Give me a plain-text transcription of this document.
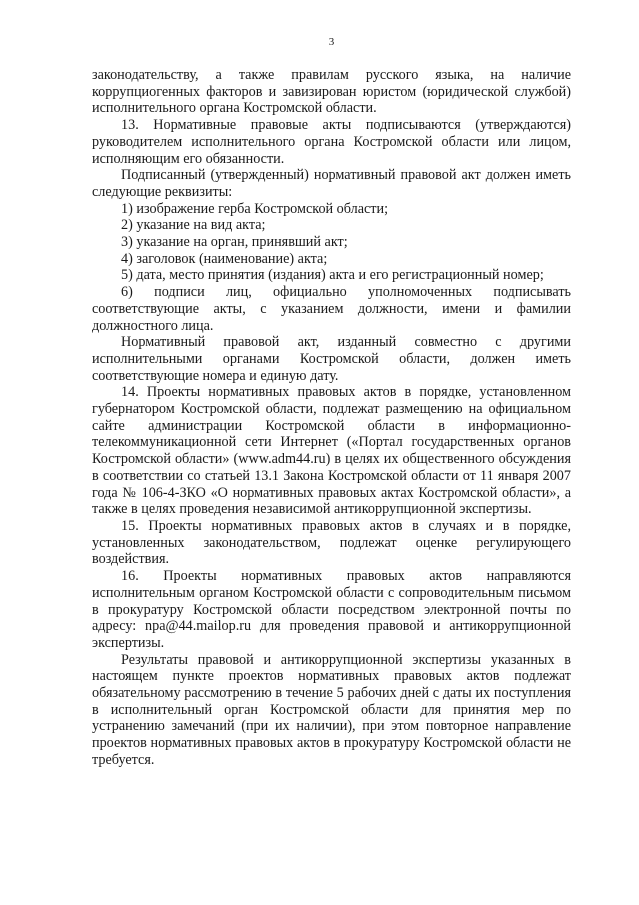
3

законодательству, а также правилам русского языка, на наличие коррупциогенных факторов и завизирован юристом (юридической службой) исполнительного органа Костромской области.

13. Нормативные правовые акты подписываются (утверждаются) руководителем исполнительного органа Костромской области или лицом, исполняющим его обязанности.

Подписанный (утвержденный) нормативный правовой акт должен иметь следующие реквизиты:

1) изображение герба Костромской области;

2) указание на вид акта;

3) указание на орган, принявший акт;

4) заголовок (наименование) акта;

5) дата, место принятия (издания) акта и его регистрационный номер;

6) подписи лиц, официально уполномоченных подписывать соответствующие акты, с указанием должности, имени и фамилии должностного лица.

Нормативный правовой акт, изданный совместно с другими исполнительными органами Костромской области, должен иметь соответствующие номера и единую дату.

14. Проекты нормативных правовых актов в порядке, установленном губернатором Костромской области, подлежат размещению на официальном сайте администрации Костромской области в информационно-телекоммуникационной сети Интернет («Портал государственных органов Костромской области» (www.adm44.ru) в целях их общественного обсуждения в соответствии со статьей 13.1 Закона Костромской области от 11 января 2007 года № 106-4-ЗКО «О нормативных правовых актах Костромской области», а также в целях проведения независимой антикоррупционной экспертизы.

15. Проекты нормативных правовых актов в случаях и в порядке, установленных законодательством, подлежат оценке регулирующего воздействия.

16. Проекты нормативных правовых актов направляются исполнительным органом Костромской области с сопроводительным письмом в прокуратуру Костромской области посредством электронной почты по адресу: npa@44.mailop.ru для проведения правовой и антикоррупционной экспертизы.

Результаты правовой и антикоррупционной экспертизы указанных в настоящем пункте проектов нормативных правовых актов подлежат обязательному рассмотрению в течение 5 рабочих дней с даты их поступления в исполнительный орган Костромской области для принятия мер по устранению замечаний (при их наличии), при этом повторное направление проектов нормативных правовых актов в прокуратуру Костромской области не требуется.
